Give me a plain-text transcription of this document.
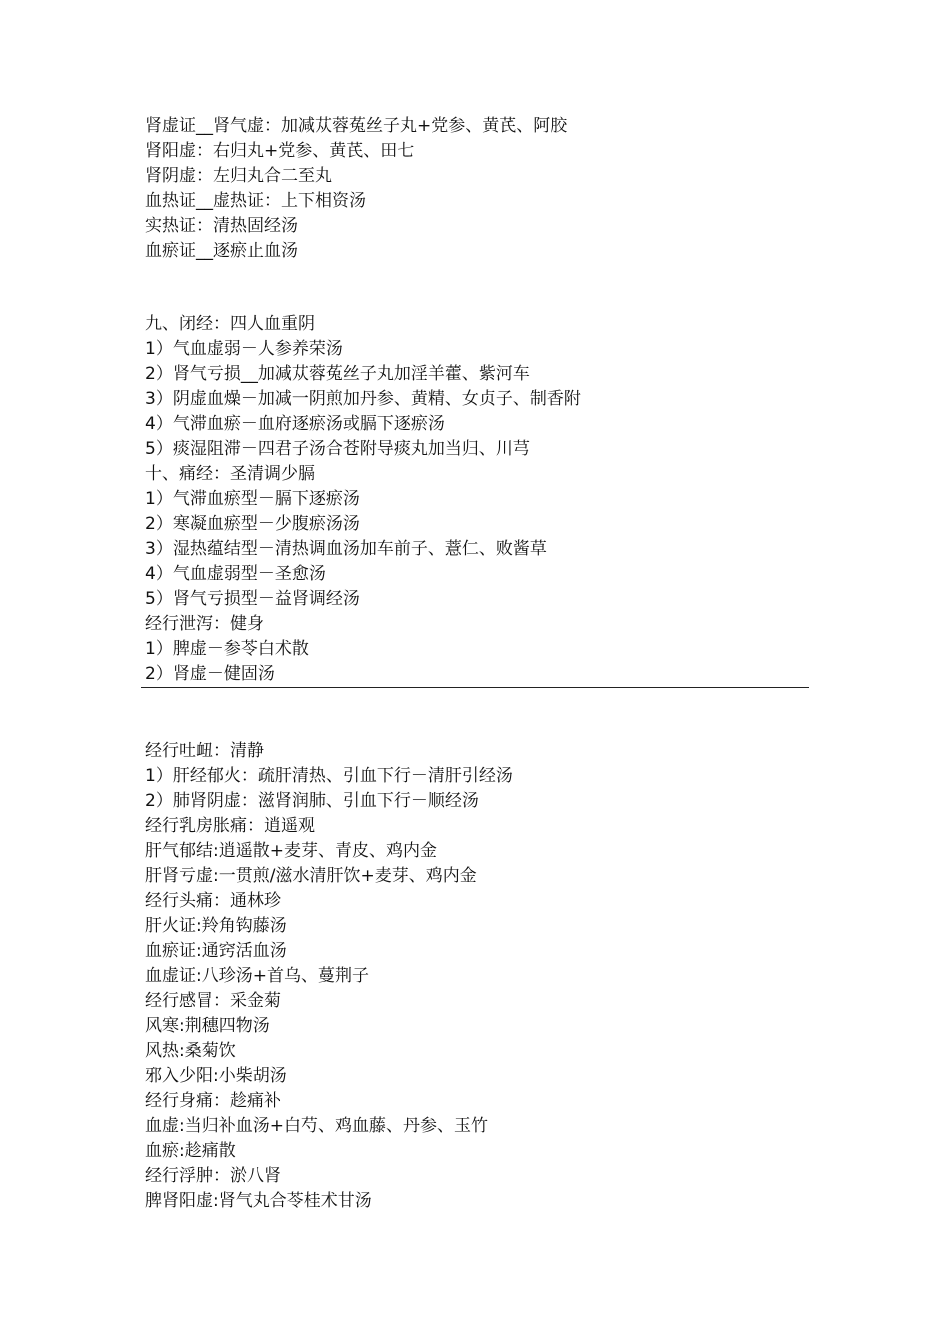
肾虚证__肾气虚：加减苁蓉菟丝子丸+党参、黄芪、阿胶
肾阳虚：右归丸+党参、黄芪、田七
肾阴虚：左归丸合二至丸
血热证__虚热证：上下相资汤
实热证：清热固经汤
血瘀证__逐瘀止血汤
九、闭经：四人血重阴
1）气血虚弱－人参养荣汤
2）肾气亏损__加减苁蓉菟丝子丸加淫羊藿、紫河车
3）阴虚血燥－加减一阴煎加丹参、黄精、女贞子、制香附
4）气滞血瘀－血府逐瘀汤或膈下逐瘀汤
5）痰湿阻滞－四君子汤合苍附导痰丸加当归、川芎
十、痛经：圣清调少膈
1）气滞血瘀型－膈下逐瘀汤
2）寒凝血瘀型－少腹瘀汤汤
3）湿热蕴结型－清热调血汤加车前子、薏仁、败酱草
4）气血虚弱型－圣愈汤
5）肾气亏损型－益肾调经汤
经行泄泻：健身
1）脾虚－参苓白术散
2）肾虚－健固汤
经行吐衄：清静
1）肝经郁火：疏肝清热、引血下行－清肝引经汤
2）肺肾阴虚：滋肾润肺、引血下行－顺经汤
经行乳房胀痛：逍遥观
肝气郁结:逍遥散+麦芽、青皮、鸡内金
肝肾亏虚:一贯煎/滋水清肝饮+麦芽、鸡内金
经行头痛：通林珍
肝火证:羚角钩藤汤
血瘀证:通窍活血汤
血虚证:八珍汤+首乌、蔓荆子
经行感冒：采金菊
风寒:荆穗四物汤
风热:桑菊饮
邪入少阳:小柴胡汤
经行身痛：趁痛补
血虚:当归补血汤+白芍、鸡血藤、丹参、玉竹
血瘀:趁痛散
经行浮肿：淤八肾
脾肾阳虚:肾气丸合苓桂术甘汤
